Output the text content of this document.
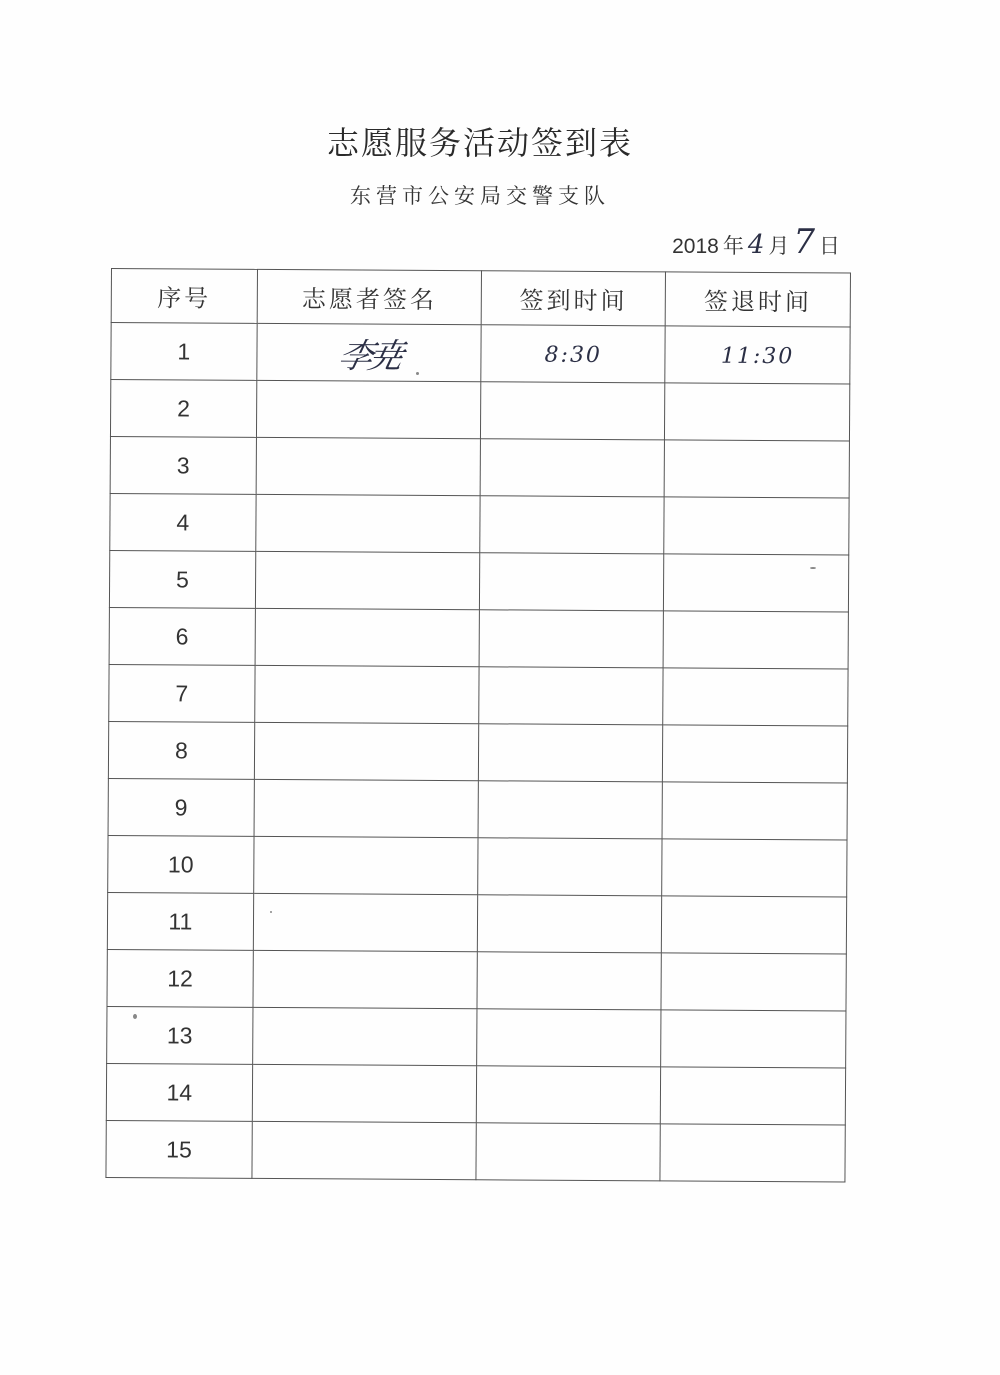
志愿服务活动签到表
东营市公安局交警支队
2018 年 4 月 7 日
序号	志愿者签名	签到时间	签退时间
1	李尭	8:30	11:30
2			
3			
4			
5			
6			
7			
8			
9			
10			
11			
12			
13			
14			
15			
